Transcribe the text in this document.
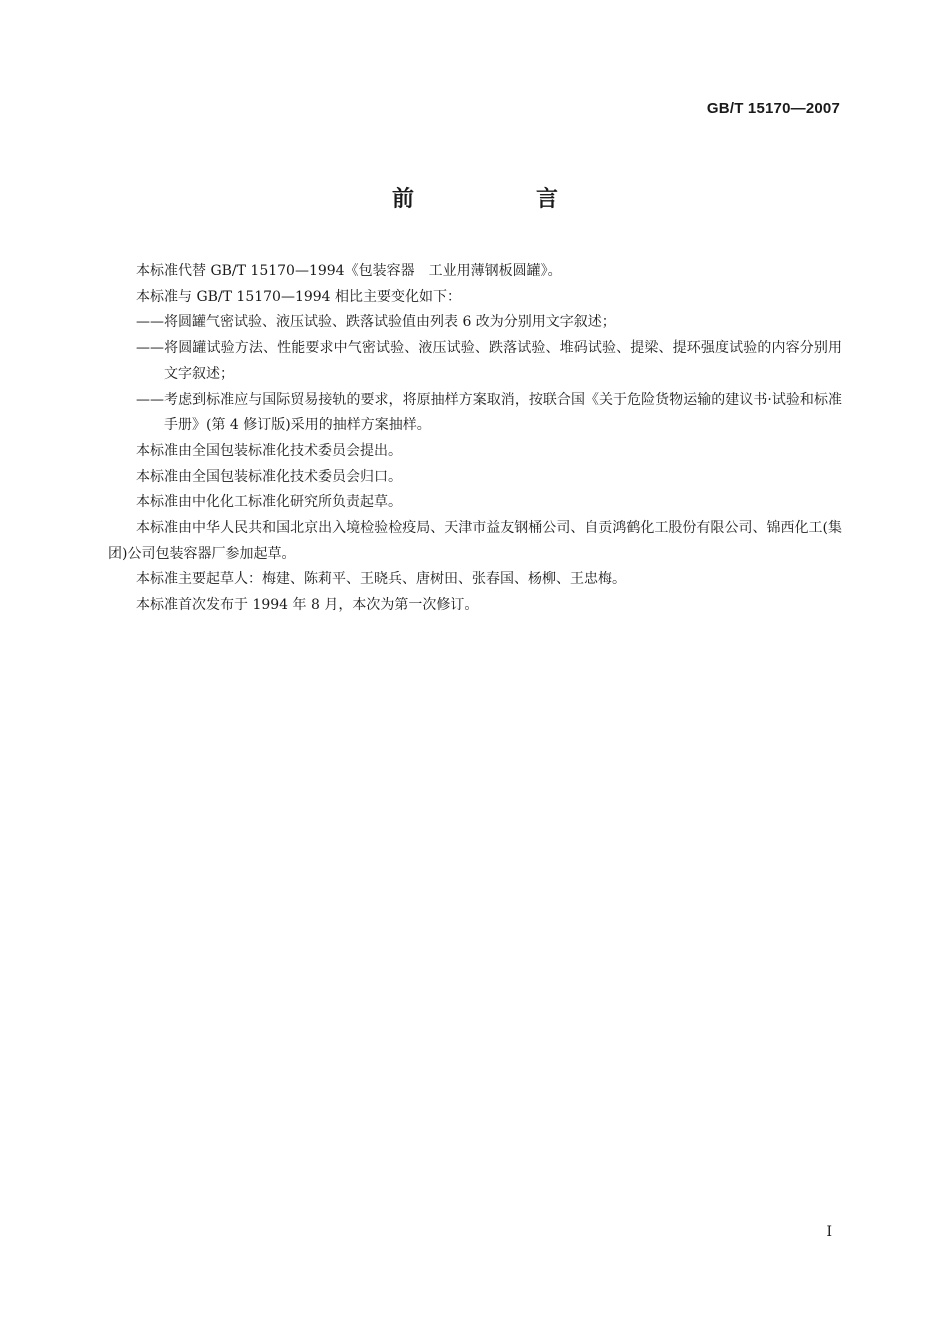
GB/T 15170—2007
前　言

本标准代替 GB/T 15170—1994《包装容器　工业用薄钢板圆罐》。

本标准与 GB/T 15170—1994 相比主要变化如下：

——将圆罐气密试验、液压试验、跌落试验值由列表 6 改为分别用文字叙述；

——将圆罐试验方法、性能要求中气密试验、液压试验、跌落试验、堆码试验、提梁、提环强度试验的内容分别用文字叙述；

——考虑到标准应与国际贸易接轨的要求，将原抽样方案取消，按联合国《关于危险货物运输的建议书·试验和标准手册》(第 4 修订版)采用的抽样方案抽样。

本标准由全国包装标准化技术委员会提出。

本标准由全国包装标准化技术委员会归口。

本标准由中化化工标准化研究所负责起草。

本标准由中华人民共和国北京出入境检验检疫局、天津市益友钢桶公司、自贡鸿鹤化工股份有限公司、锦西化工(集团)公司包装容器厂参加起草。

本标准主要起草人：梅建、陈莉平、王晓兵、唐树田、张春国、杨柳、王忠梅。

本标准首次发布于 1994 年 8 月，本次为第一次修订。

I
